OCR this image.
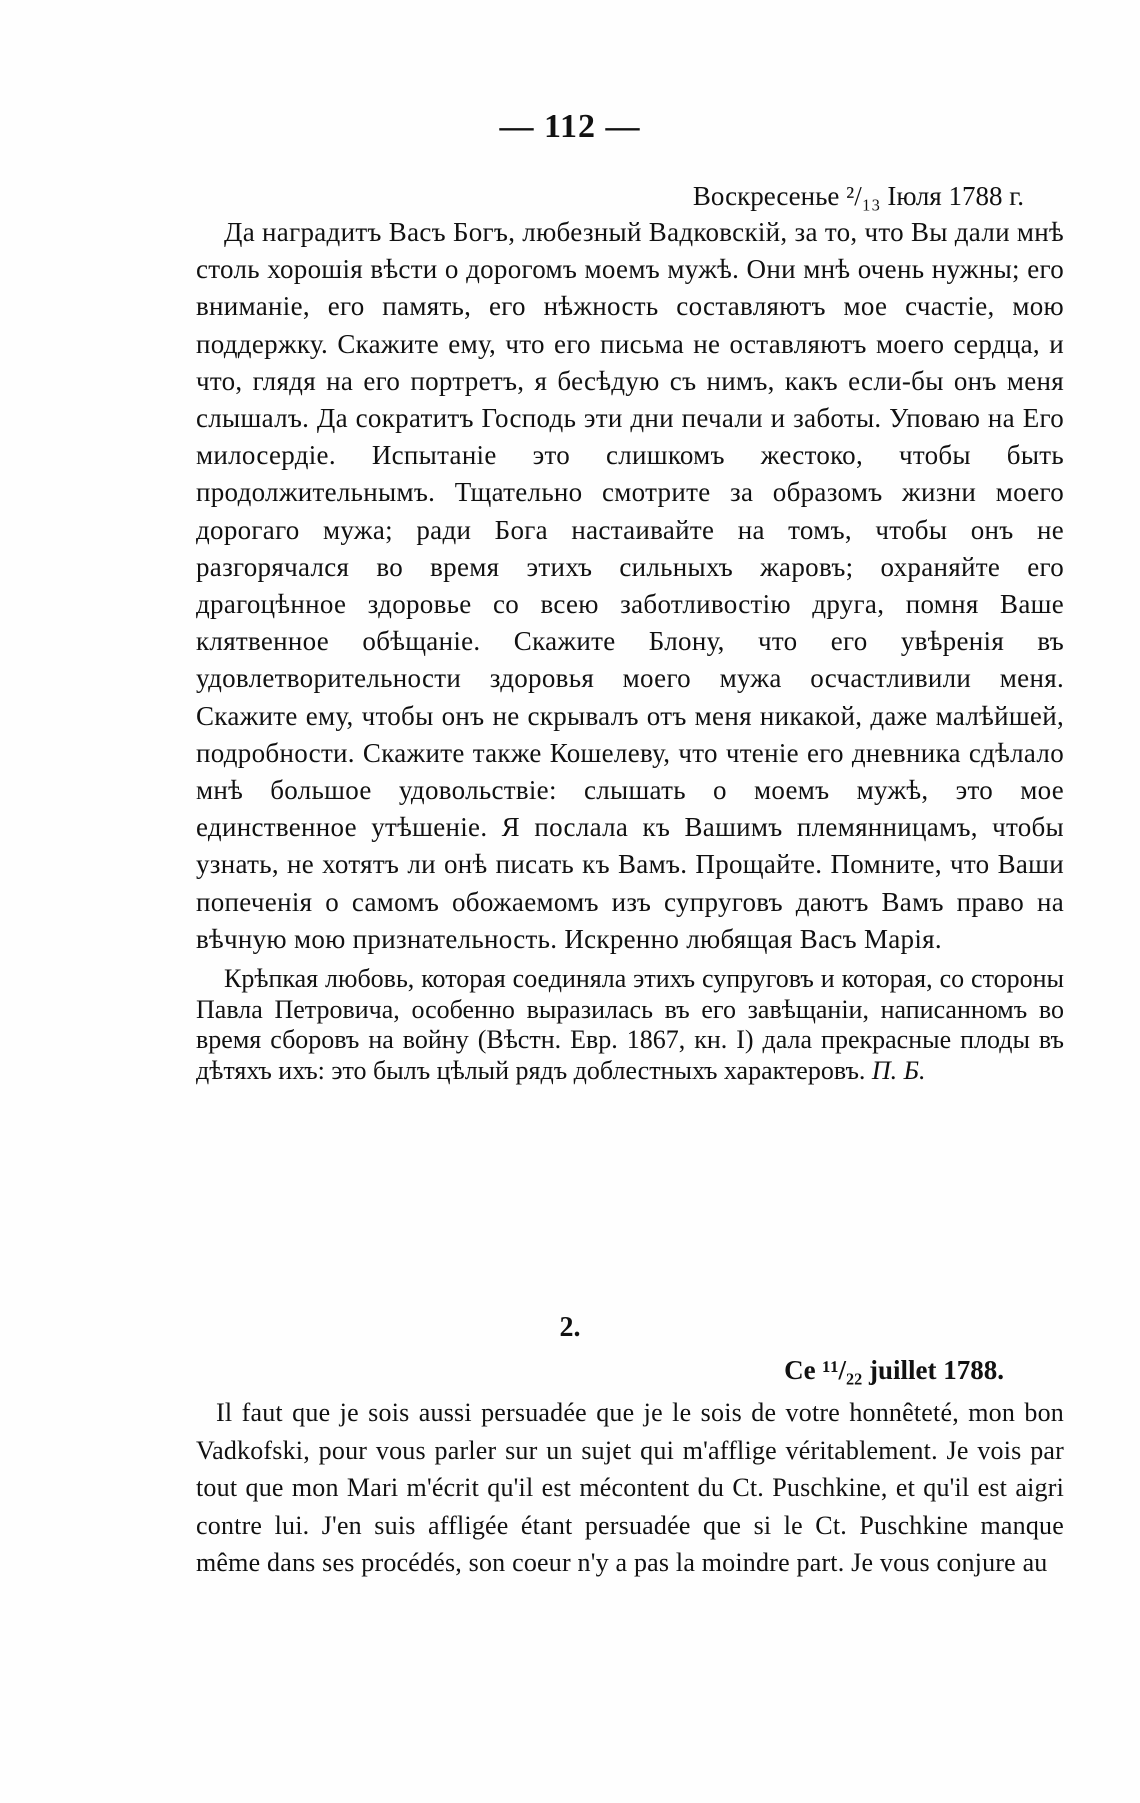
— 112 —
Воскресенье ²/₁₃ Іюля 1788 г.

Да наградитъ Васъ Богъ, любезный Вадковскій, за то, что Вы дали мнѣ столь хорошія вѣсти о дорогомъ моемъ мужѣ. Они мнѣ очень нужны; его вниманіе, его память, его нѣжность составляютъ мое счастіе, мою поддержку. Скажите ему, что его письма не оставляютъ моего сердца, и что, глядя на его портретъ, я бесѣдую съ нимъ, какъ если-бы онъ меня слышалъ. Да сократитъ Господь эти дни печали и заботы. Уповаю на Его милосердіе. Испытаніе это слишкомъ жестоко, чтобы быть продолжительнымъ. Тщательно смотрите за образомъ жизни моего дорогаго мужа; ради Бога настаивайте на томъ, чтобы онъ не разгорячался во время этихъ сильныхъ жаровъ; охраняйте его драгоцѣнное здоровье со всею заботливостію друга, помня Ваше клятвенное обѣщаніе. Скажите Блону, что его увѣренія въ удовлетворительности здоровья моего мужа осчастливили меня. Скажите ему, чтобы онъ не скрывалъ отъ меня никакой, даже малѣйшей, подробности. Скажите также Кошелеву, что чтеніе его дневника сдѣлало мнѣ большое удовольствіе: слышать о моемъ мужѣ, это мое единственное утѣшеніе. Я послала къ Вашимъ племянницамъ, чтобы узнать, не хотятъ ли онѣ писать къ Вамъ. Прощайте. Помните, что Ваши попеченія о самомъ обожаемомъ изъ супруговъ даютъ Вамъ право на вѣчную мою признательность. Искренно любящая Васъ Марія.

Крѣпкая любовь, которая соединяла этихъ супруговъ и которая, со стороны Павла Петровича, особенно выразилась въ его завѣщаніи, написанномъ во время сборовъ на войну (Вѣстн. Евр. 1867, кн. I) дала прекрасные плоды въ дѣтяхъ ихъ: это былъ цѣлый рядъ доблестныхъ характеровъ. П. Б.

2.
Ce ¹¹/₂₂ juillet 1788.

Il faut que je sois aussi persuadée que je le sois de votre honnêteté, mon bon Vadkofski, pour vous parler sur un sujet qui m'afflige véritablement. Je vois par tout que mon Mari m'écrit qu'il est mécontent du Ct. Puschkine, et qu'il est aigri contre lui. J'en suis affligée étant persuadée que si le Ct. Puschkine manque même dans ses procédés, son coeur n'y a pas la moindre part. Je vous conjure au
